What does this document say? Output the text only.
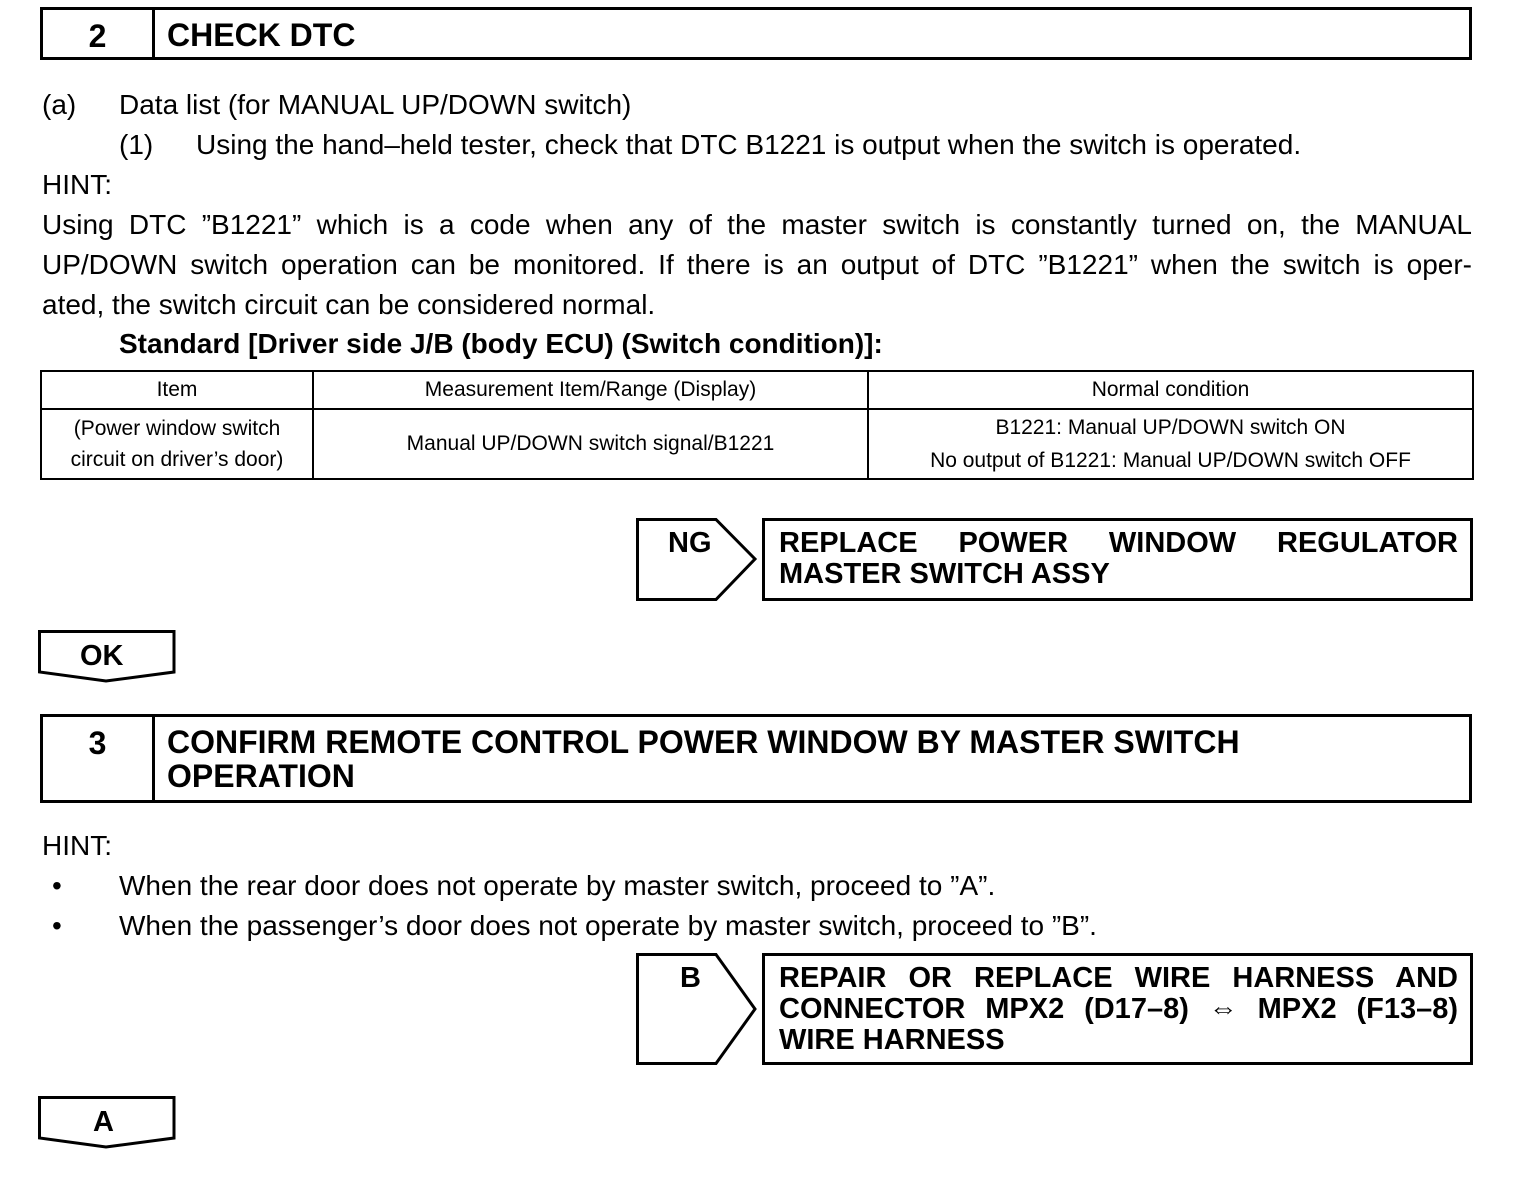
2	CHECK DTC
(a) Data list (for MANUAL UP/DOWN switch)
(1) Using the hand–held tester, check that DTC B1221 is output when the switch is operated.
HINT:
Using DTC ”B1221” which is a code when any of the master switch is constantly turned on, the MANUAL
UP/DOWN switch operation can be monitored. If there is an output of DTC ”B1221” when the switch is oper-
ated, the switch circuit can be considered normal.
Standard [Driver side J/B (body ECU) (Switch condition)]:
Item	Measurement Item/Range (Display)	Normal condition
(Power window switch
circuit on driver’s door)	Manual UP/DOWN switch signal/B1221	B1221: Manual UP/DOWN switch ON
No output of B1221: Manual UP/DOWN switch OFF
NG REPLACE POWER WINDOW REGULATOR
MASTER SWITCH ASSY
OK
3	CONFIRM REMOTE CONTROL POWER WINDOW BY MASTER SWITCH
OPERATION
HINT:
• When the rear door does not operate by master switch, proceed to ”A”.
• When the passenger’s door does not operate by master switch, proceed to ”B”.
B	REPAIR OR REPLACE WIRE HARNESS AND
CONNECTOR MPX2 (D17–8) ⇔ MPX2 (F13–8)
WIRE HARNESS
A
